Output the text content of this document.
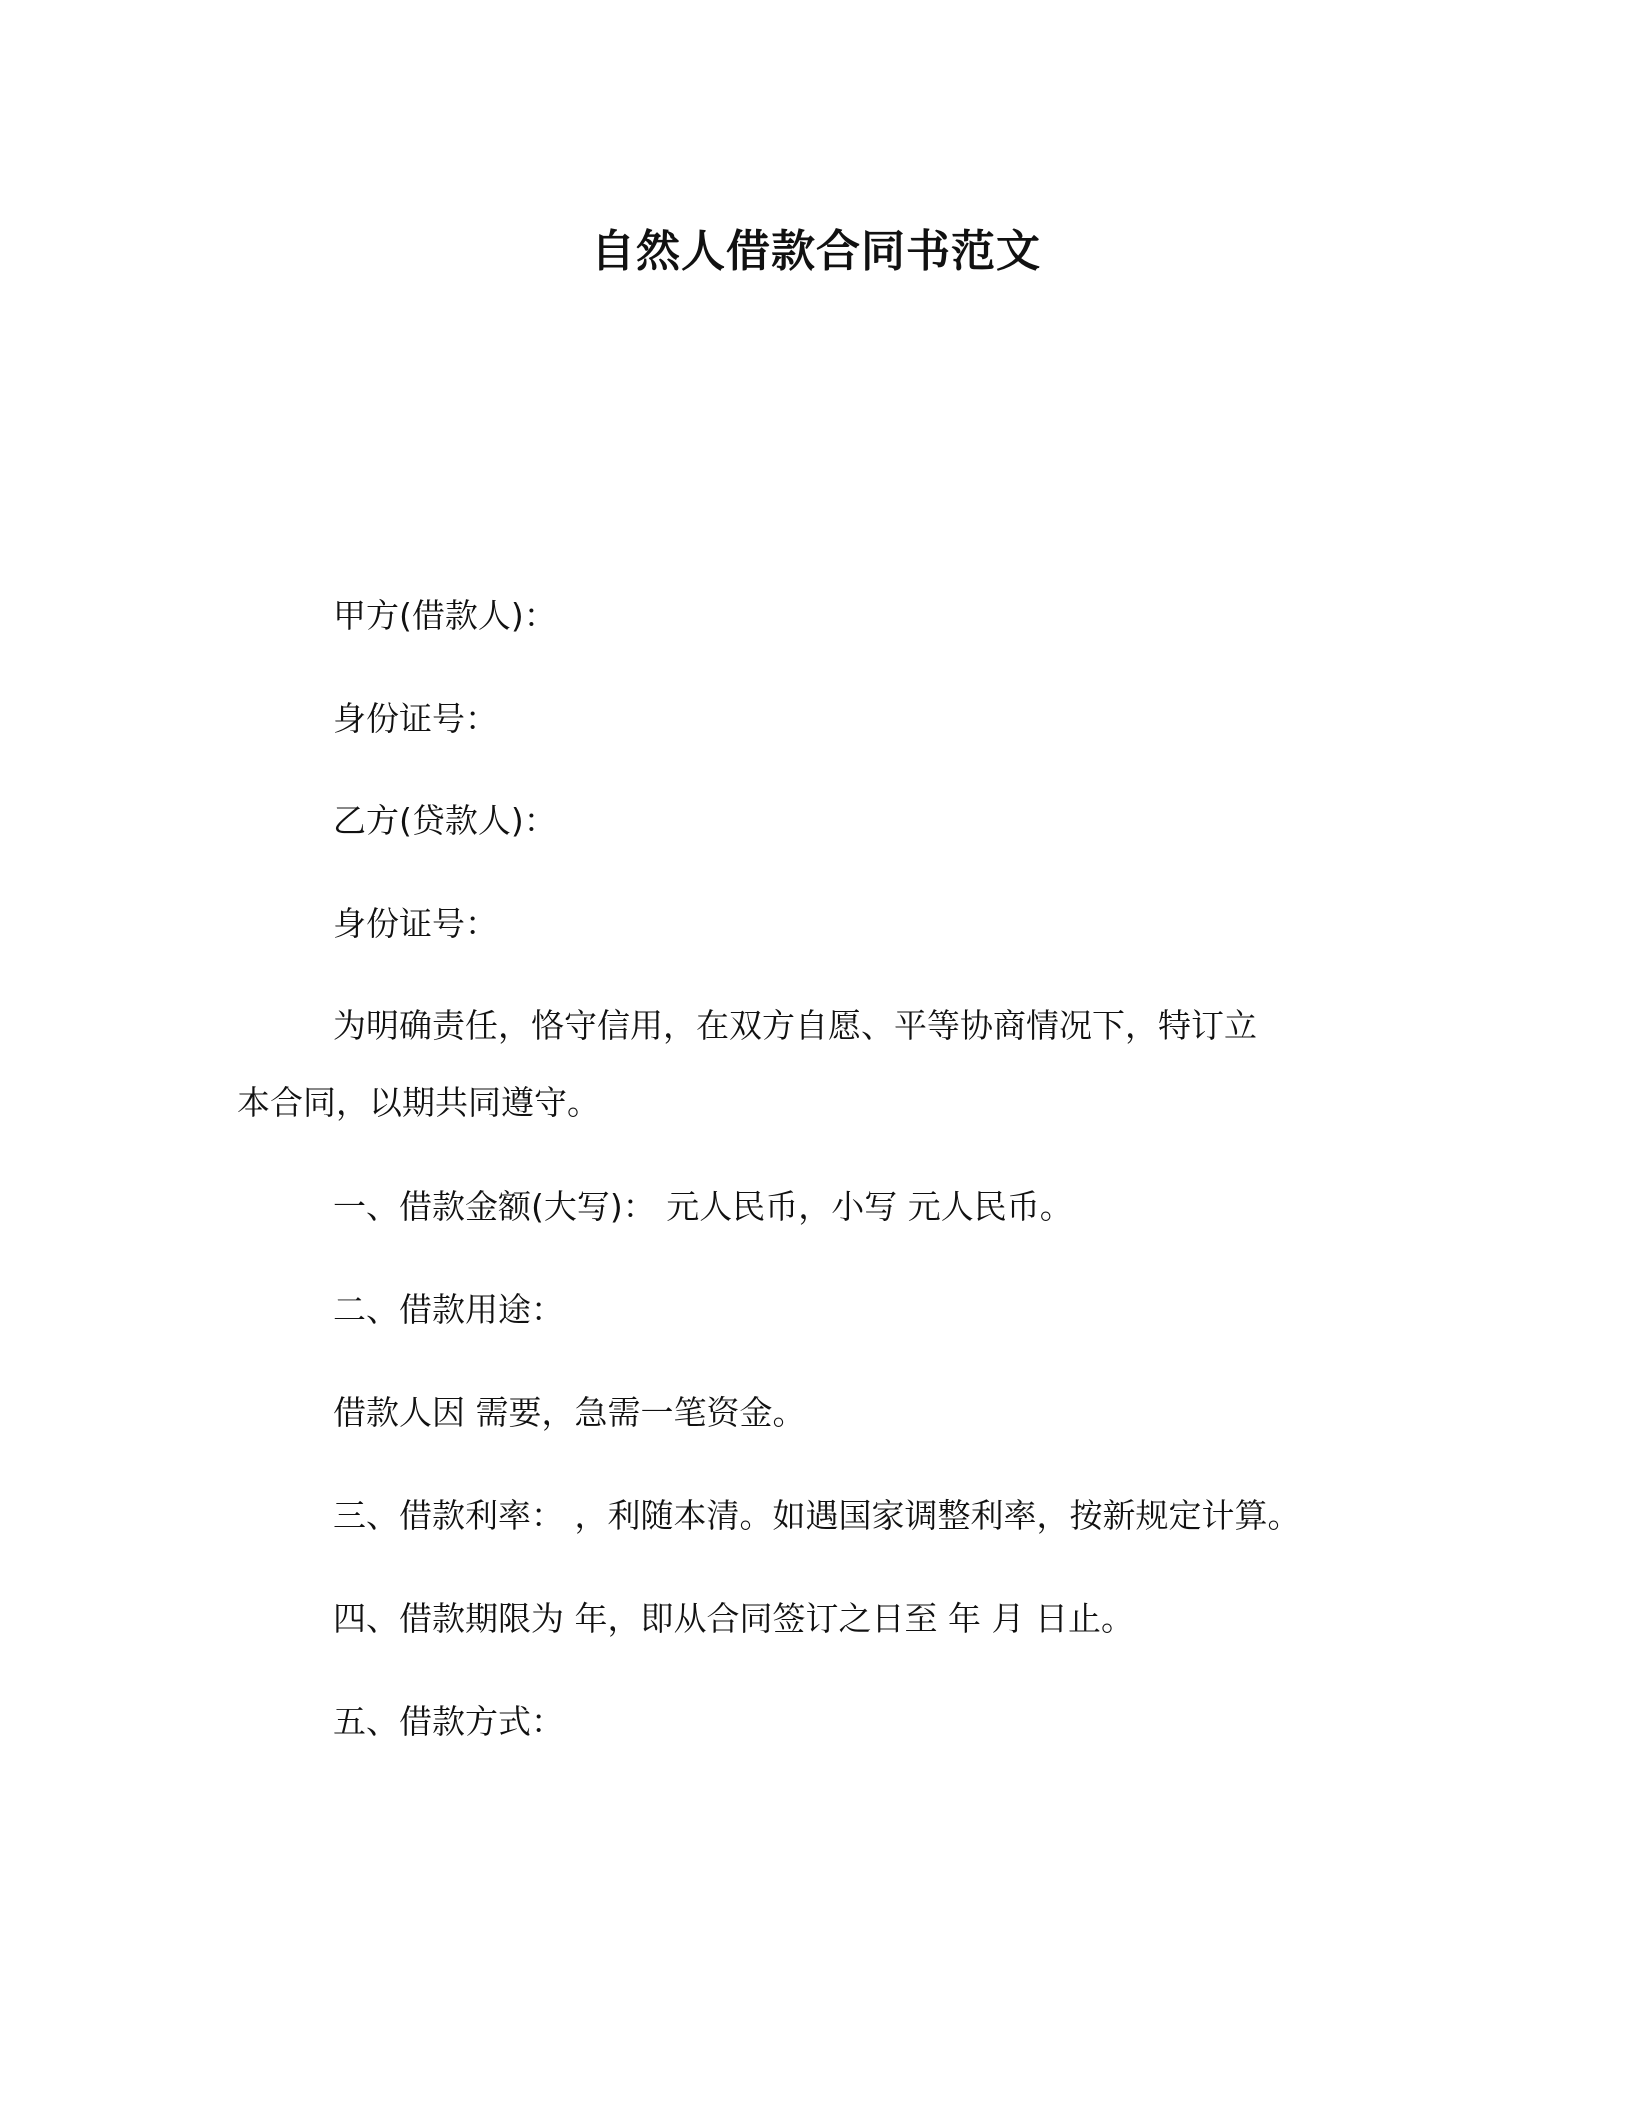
自然人借款合同书范文

甲方(借款人)：

身份证号：

乙方(贷款人)：

身份证号：

为明确责任，恪守信用，在双方自愿、平等协商情况下，特订立

本合同，以期共同遵守。

一、借款金额(大写)： 元人民币，小写 元人民币。

二、借款用途：

借款人因 需要，急需一笔资金。

三、借款利率： ，利随本清。如遇国家调整利率，按新规定计算。

四、借款期限为 年，即从合同签订之日至 年 月 日止。

五、借款方式：
